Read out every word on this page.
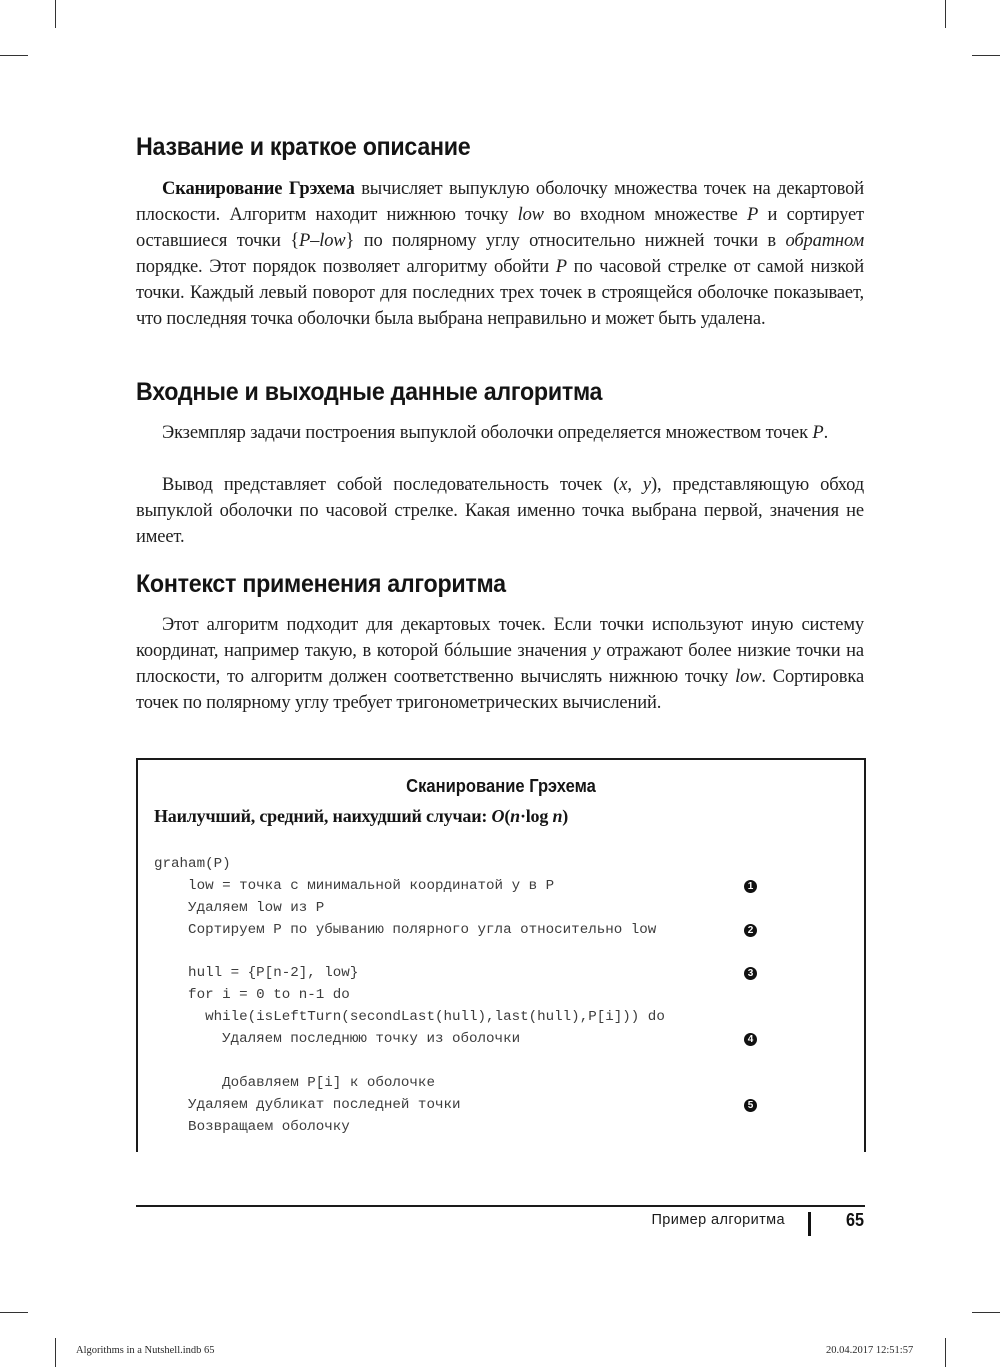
Название и краткое описание

Сканирование Грэхема вычисляет выпуклую оболочку множества точек на декартовой плоскости. Алгоритм находит нижнюю точку low во входном множестве P и сортирует оставшиеся точки {P–low} по полярному углу относительно нижней точки в обратном порядке. Этот порядок позволяет алгоритму обойти P по часовой стрелке от самой низкой точки. Каждый левый поворот для последних трех точек в строящейся оболочке показывает, что последняя точка оболочки была выбрана неправильно и может быть удалена.

Входные и выходные данные алгоритма

Экземпляр задачи построения выпуклой оболочки определяется множеством точек P.

Вывод представляет собой последовательность точек (x, y), представляющую обход выпуклой оболочки по часовой стрелке. Какая именно точка выбрана первой, значения не имеет.

Контекст применения алгоритма

Этот алгоритм подходит для декартовых точек. Если точки используют иную систему координат, например такую, в которой бóльшие значения y отражают более низкие точки на плоскости, то алгоритм должен соответственно вычислять нижнюю точку low. Сортировка точек по полярному углу требует тригонометрических вычислений.

Сканирование Грэхема
Наилучший, средний, наихудший случаи: O(n·log n)
graham(P)
low = точка с минимальной координатой y в P	1
Удаляем low из P
Сортируем P по убыванию полярного угла относительно low	2
hull = {P[n-2], low}	3
for i = 0 to n-1 do
while(isLeftTurn(secondLast(hull),last(hull),P[i])) do
Удаляем последнюю точку из оболочки	4
Добавляем P[i] к оболочке
Удаляем дубликат последней точки	5
Возвращаем оболочку
Пример алгоритма	65
Algorithms in a Nutshell.indb 65	20.04.2017 12:51:57
